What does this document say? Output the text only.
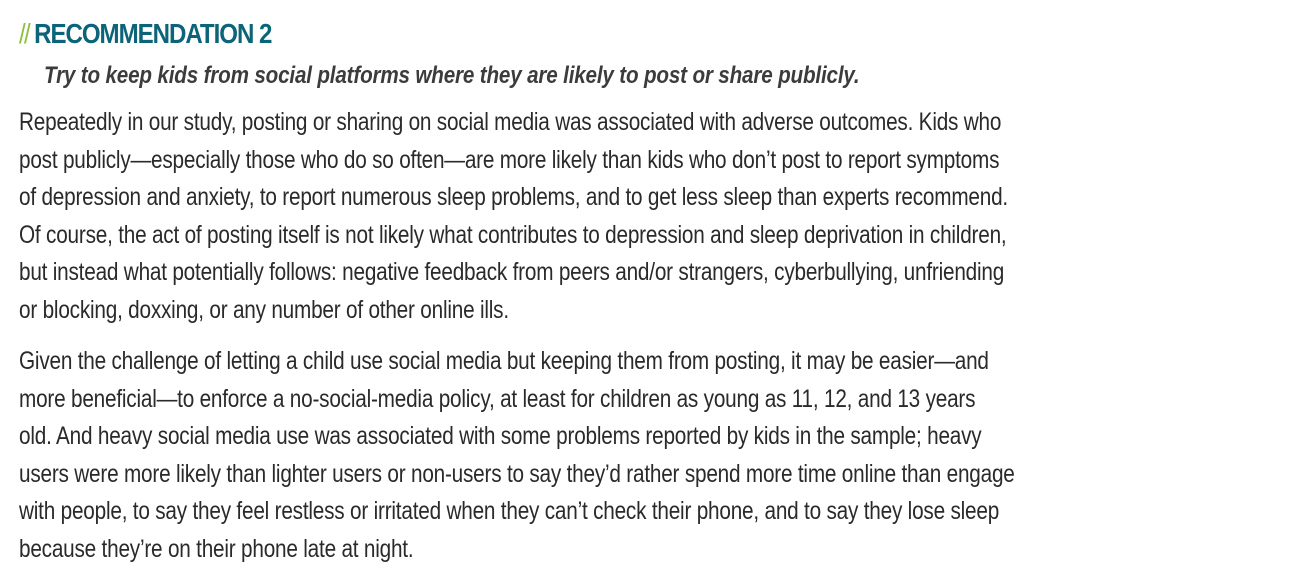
// RECOMMENDATION 2
Try to keep kids from social platforms where they are likely to post or share publicly.

Repeatedly in our study, posting or sharing on social media was associated with adverse outcomes. Kids who
post publicly—especially those who do so often—are more likely than kids who don’t post to report symptoms
of depression and anxiety, to report numerous sleep problems, and to get less sleep than experts recommend.
Of course, the act of posting itself is not likely what contributes to depression and sleep deprivation in children,
but instead what potentially follows: negative feedback from peers and/or strangers, cyberbullying, unfriending
or blocking, doxxing, or any number of other online ills.

Given the challenge of letting a child use social media but keeping them from posting, it may be easier—and
more beneficial—to enforce a no-social-media policy, at least for children as young as 11, 12, and 13 years
old. And heavy social media use was associated with some problems reported by kids in the sample; heavy
users were more likely than lighter users or non-users to say they’d rather spend more time online than engage
with people, to say they feel restless or irritated when they can’t check their phone, and to say they lose sleep
because they’re on their phone late at night.
